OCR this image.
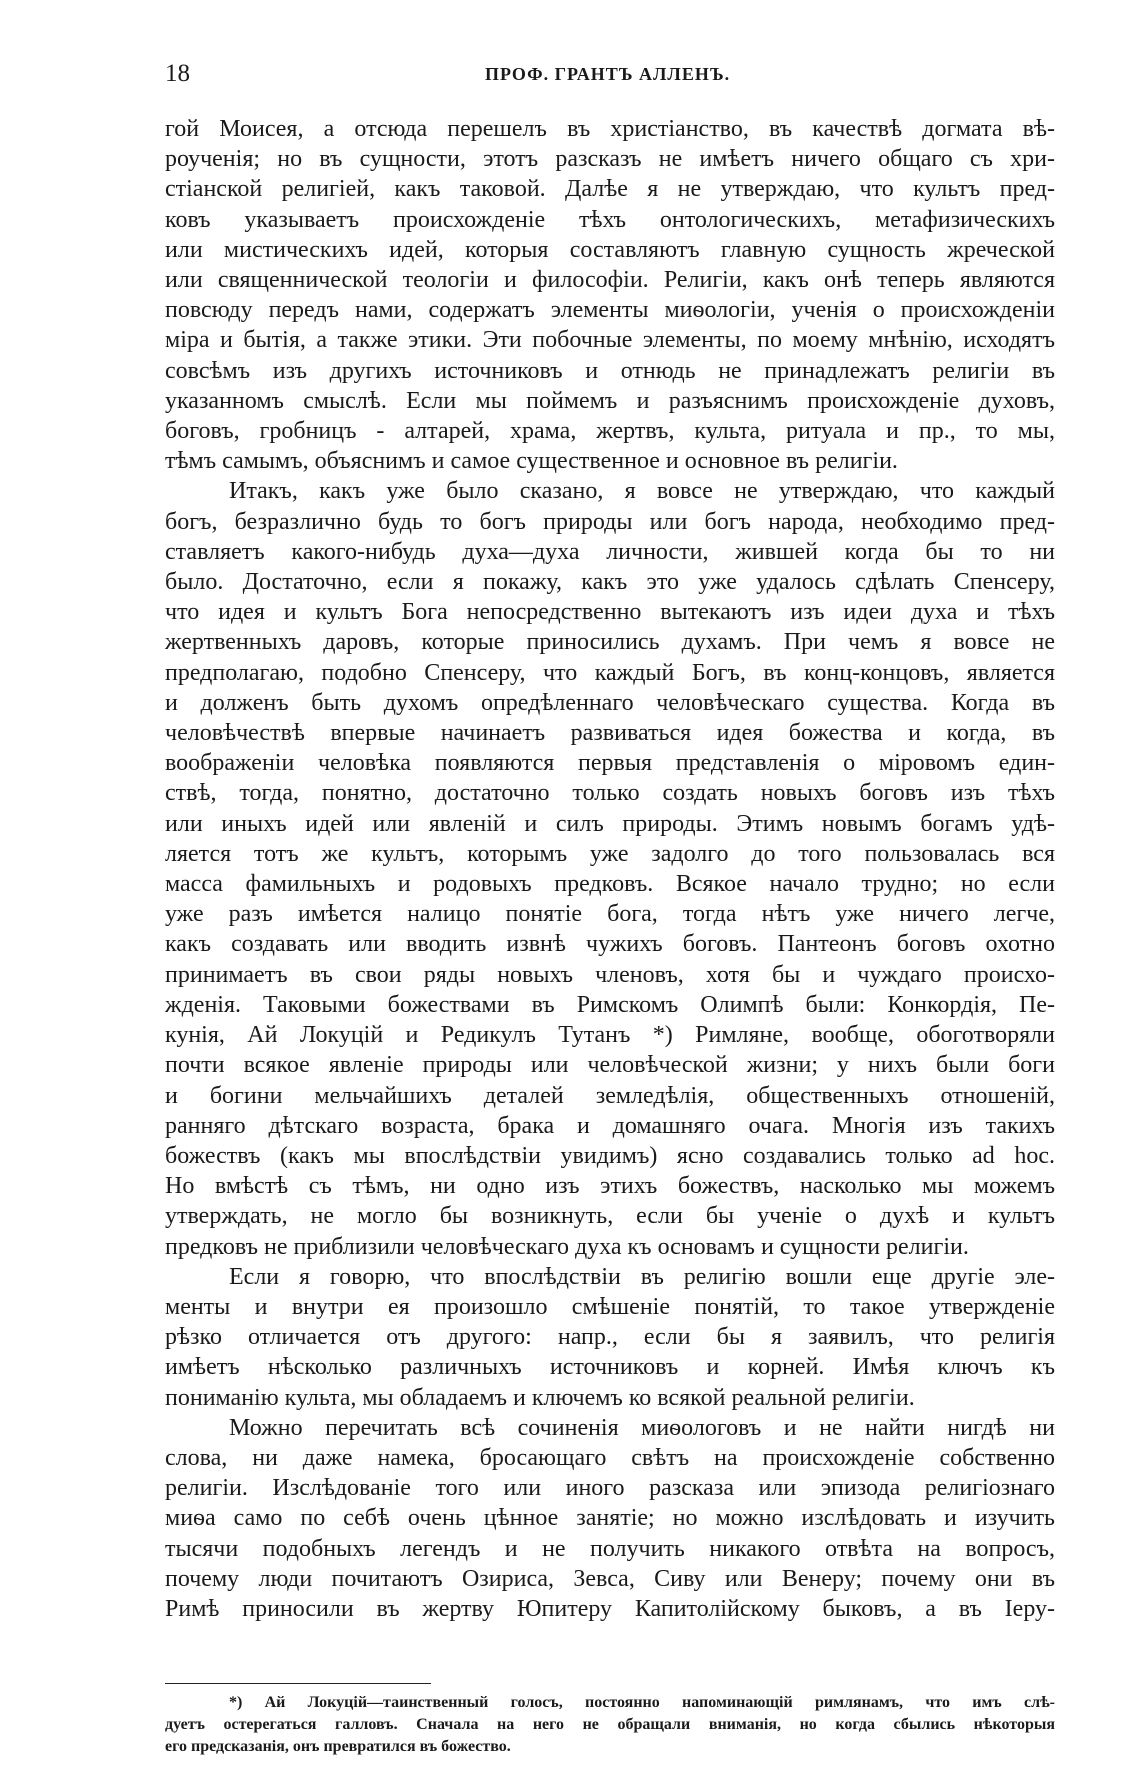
18	ПРОФ. ГРАНТЪ АЛЛЕНЪ.
гой Моисея, а отсюда перешелъ въ христіанство, въ качествѣ догмата вѣ-
роученія; но въ сущности, этотъ разсказъ не имѣетъ ничего общаго съ хри-
стіанской религіей, какъ таковой. Далѣе я не утверждаю, что культъ пред-
ковъ указываетъ происхожденіе тѣхъ онтологическихъ, метафизическихъ
или мистическихъ идей, которыя составляютъ главную сущность жреческой
или священнической теологіи и философіи. Религіи, какъ онѣ теперь являются
повсюду передъ нами, содержатъ элементы миѳологіи, ученія о происхожденіи
міра и бытія, а также этики. Эти побочные элементы, по моему мнѣнію, исходятъ
совсѣмъ изъ другихъ источниковъ и отнюдь не принадлежатъ религіи въ
указанномъ смыслѣ. Если мы поймемъ и разъяснимъ происхожденіе духовъ,
боговъ, гробницъ - алтарей, храма, жертвъ, культа, ритуала и пр., то мы,
тѣмъ самымъ, объяснимъ и самое существенное и основное въ религіи.
Итакъ, какъ уже было сказано, я вовсе не утверждаю, что каждый
богъ, безразлично будь то богъ природы или богъ народа, необходимо пред-
ставляетъ какого-нибудь духа—духа личности, жившей когда бы то ни
было. Достаточно, если я покажу, какъ это уже удалось сдѣлать Спенсеру,
что идея и культъ Бога непосредственно вытекаютъ изъ идеи духа и тѣхъ
жертвенныхъ даровъ, которые приносились духамъ. При чемъ я вовсе не
предполагаю, подобно Спенсеру, что каждый Богъ, въ конц-концовъ, является
и долженъ быть духомъ опредѣленнаго человѣческаго существа. Когда въ
человѣчествѣ впервые начинаетъ развиваться идея божества и когда, въ
воображеніи человѣка появляются первыя представленія о міровомъ един-
ствѣ, тогда, понятно, достаточно только создать новыхъ боговъ изъ тѣхъ
или иныхъ идей или явленій и силъ природы. Этимъ новымъ богамъ удѣ-
ляется тотъ же культъ, которымъ уже задолго до того пользовалась вся
масса фамильныхъ и родовыхъ предковъ. Всякое начало трудно; но если
уже разъ имѣется налицо понятіе бога, тогда нѣтъ уже ничего легче,
какъ создавать или вводить извнѣ чужихъ боговъ. Пантеонъ боговъ охотно
принимаетъ въ свои ряды новыхъ членовъ, хотя бы и чуждаго происхо-
жденія. Таковыми божествами въ Римскомъ Олимпѣ были: Конкордія, Пе-
кунія, Ай Локуцій и Редикулъ Тутанъ *) Римляне, вообще, обоготворяли
почти всякое явленіе природы или человѣческой жизни; у нихъ были боги
и богини мельчайшихъ деталей земледѣлія, общественныхъ отношеній,
ранняго дѣтскаго возраста, брака и домашняго очага. Многія изъ такихъ
божествъ (какъ мы впослѣдствіи увидимъ) ясно создавались только ad hoc.
Но вмѣстѣ съ тѣмъ, ни одно изъ этихъ божествъ, насколько мы можемъ
утверждать, не могло бы возникнуть, если бы ученіе о духѣ и культъ
предковъ не приблизили человѣческаго духа къ основамъ и сущности религіи.
Если я говорю, что впослѣдствіи въ религію вошли еще другіе эле-
менты и внутри ея произошло смѣшеніе понятій, то такое утвержденіе
рѣзко отличается отъ другого: напр., если бы я заявилъ, что религія
имѣетъ нѣсколько различныхъ источниковъ и корней. Имѣя ключъ къ
пониманію культа, мы обладаемъ и ключемъ ко всякой реальной религіи.
Можно перечитать всѣ сочиненія миѳологовъ и не найти нигдѣ ни
слова, ни даже намека, бросающаго свѣтъ на происхожденіе собственно
религіи. Изслѣдованіе того или иного разсказа или эпизода религіознаго
миѳа само по себѣ очень цѣнное занятіе; но можно изслѣдовать и изучить
тысячи подобныхъ легендъ и не получить никакого отвѣта на вопросъ,
почему люди почитаютъ Озириса, Зевса, Сиву или Венеру; почему они въ
Римѣ приносили въ жертву Юпитеру Капитолійскому быковъ, а въ Іеру-
*) Ай Локуцій—таинственный голосъ, постоянно напоминающій римлянамъ, что имъ слѣ-
дуетъ остерегаться галловъ. Сначала на него не обращали вниманія, но когда сбылись нѣкоторыя
его предсказанія, онъ превратился въ божество.
